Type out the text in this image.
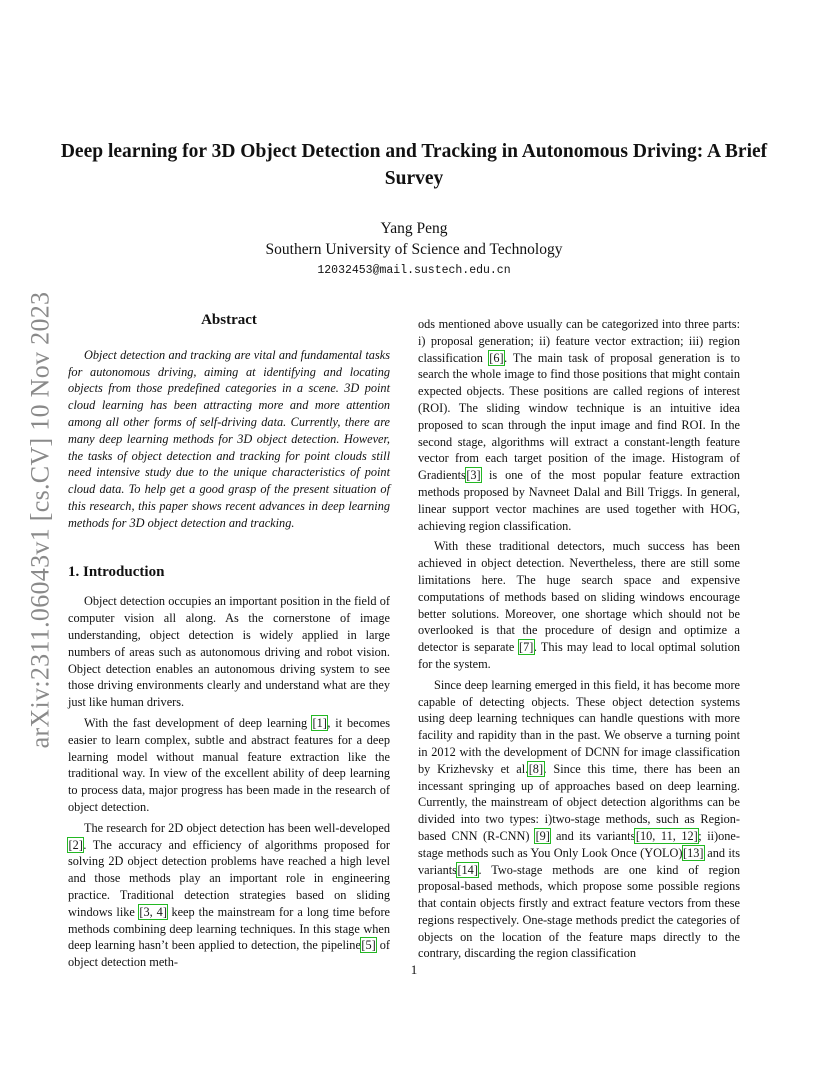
arXiv:2311.06043v1 [cs.CV] 10 Nov 2023
Deep learning for 3D Object Detection and Tracking in Autonomous Driving: A Brief Survey
Yang Peng
Southern University of Science and Technology
12032453@mail.sustech.edu.cn
Abstract

Object detection and tracking are vital and fundamental tasks for autonomous driving, aiming at identifying and locating objects from those predefined categories in a scene. 3D point cloud learning has been attracting more and more attention among all other forms of self-driving data. Currently, there are many deep learning methods for 3D object detection. However, the tasks of object detection and tracking for point clouds still need intensive study due to the unique characteristics of point cloud data. To help get a good grasp of the present situation of this research, this paper shows recent advances in deep learning methods for 3D object detection and tracking.

1. Introduction

Object detection occupies an important position in the field of computer vision all along. As the cornerstone of image understanding, object detection is widely applied in large numbers of areas such as autonomous driving and robot vision. Object detection enables an autonomous driving system to see those driving environments clearly and understand what are they just like human drivers.

With the fast development of deep learning [1], it becomes easier to learn complex, subtle and abstract features for a deep learning model without manual feature extraction like the traditional way. In view of the excellent ability of deep learning to process data, major progress has been made in the research of object detection.

The research for 2D object detection has been well-developed [2]. The accuracy and efficiency of algorithms proposed for solving 2D object detection problems have reached a high level and those methods play an important role in engineering practice. Traditional detection strategies based on sliding windows like [3, 4] keep the mainstream for a long time before methods combining deep learning techniques. In this stage when deep learning hasn’t been applied to detection, the pipeline[5] of object detection meth-

ods mentioned above usually can be categorized into three parts: i) proposal generation; ii) feature vector extraction; iii) region classification [6]. The main task of proposal generation is to search the whole image to find those positions that might contain expected objects. These positions are called regions of interest (ROI). The sliding window technique is an intuitive idea proposed to scan through the input image and find ROI. In the second stage, algorithms will extract a constant-length feature vector from each target position of the image. Histogram of Gradients[3] is one of the most popular feature extraction methods proposed by Navneet Dalal and Bill Triggs. In general, linear support vector machines are used together with HOG, achieving region classification.

With these traditional detectors, much success has been achieved in object detection. Nevertheless, there are still some limitations here. The huge search space and expensive computations of methods based on sliding windows encourage better solutions. Moreover, one shortage which should not be overlooked is that the procedure of design and optimize a detector is separate [7]. This may lead to local optimal solution for the system.

Since deep learning emerged in this field, it has become more capable of detecting objects. These object detection systems using deep learning techniques can handle questions with more facility and rapidity than in the past. We observe a turning point in 2012 with the development of DCNN for image classification by Krizhevsky et al.[8]. Since this time, there has been an incessant springing up of approaches based on deep learning. Currently, the mainstream of object detection algorithms can be divided into two types: i)two-stage methods, such as Region-based CNN (R-CNN) [9] and its variants[10, 11, 12]; ii)one-stage methods such as You Only Look Once (YOLO)[13] and its variants[14]. Two-stage methods are one kind of region proposal-based methods, which propose some possible regions that contain objects firstly and extract feature vectors from these regions respectively. One-stage methods predict the categories of objects on the location of the feature maps directly to the contrary, discarding the region classification

1
